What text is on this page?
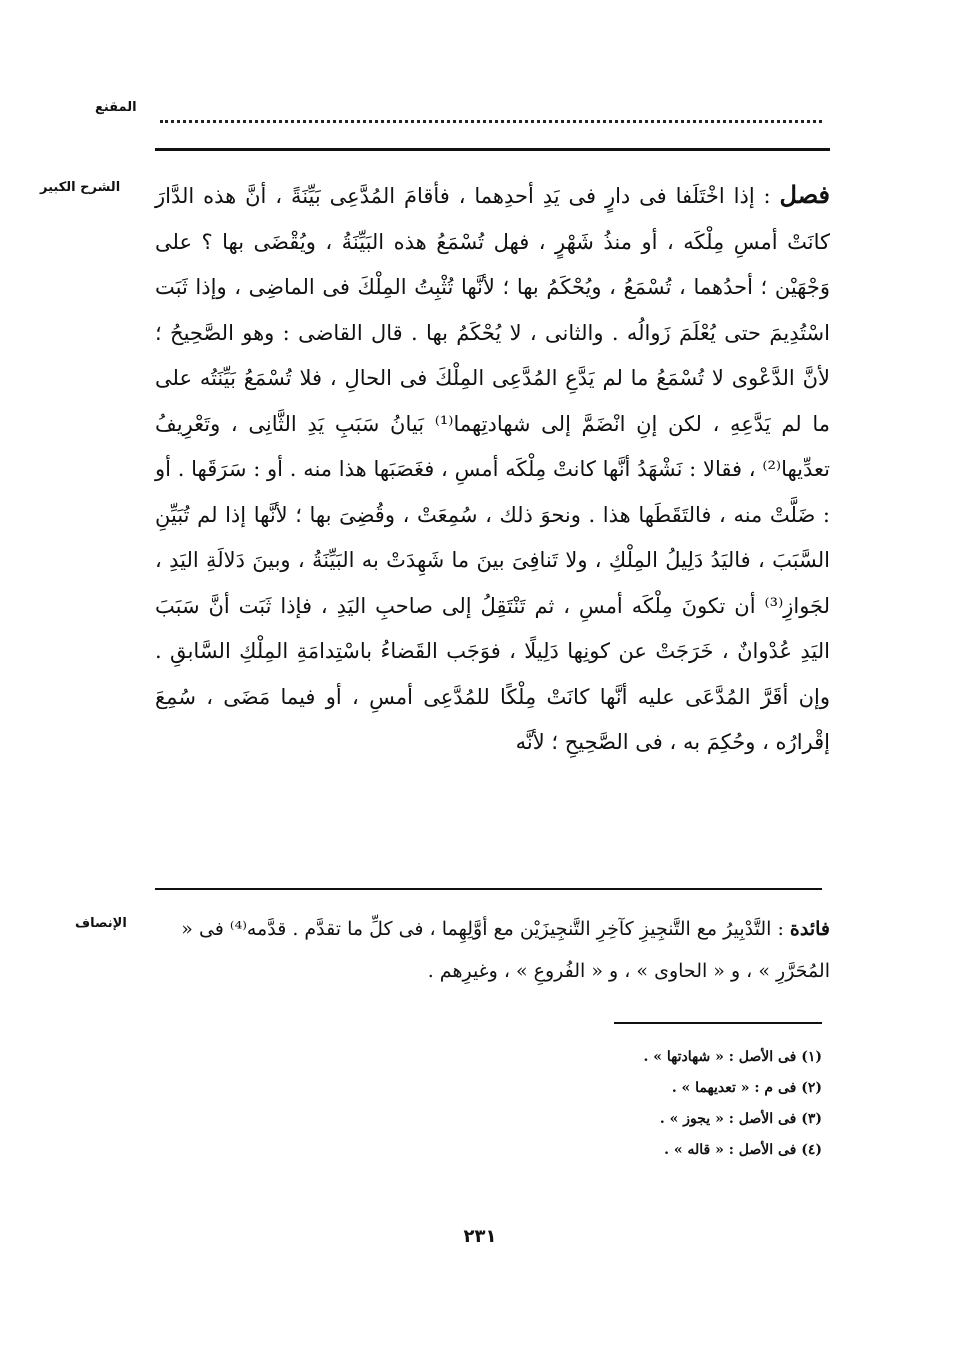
المقنع
الشرح الكبير	فصل : إذا اخْتَلَفا فى دارٍ فى يَدِ أحدِهما ، فأقامَ المُدَّعِى بَيِّنَةً ، أنَّ هذه الدَّارَ كانَتْ أمسِ مِلْكَه ، أو منذُ شَهْرٍ ، فهل تُسْمَعُ هذه البَيِّنَةُ ، ويُقْضَى بها ؟ على وَجْهَيْن ؛ أحدُهما ، تُسْمَعُ ، ويُحْكَمُ بها ؛ لأنَّها تُثْبِتُ المِلْكَ فى الماضِى ، وإذا ثَبَت اسْتُدِيمَ حتى يُعْلَمَ زَوالُه . والثانى ، لا يُحْكَمُ بها . قال القاضى : وهو الصَّحِيحُ ؛ لأنَّ الدَّعْوى لا تُسْمَعُ ما لم يَدَّعِ المُدَّعِى المِلْكَ فى الحالِ ، فلا تُسْمَعُ بَيِّنَتُه على ما لم يَدَّعِهِ ، لكن إنِ انْضَمَّ إلى شهادتِهما⁽¹⁾ بَيانُ سَبَبِ يَدِ الثَّانِى ، وتَعْرِيفُ تعدِّيها⁽²⁾ ، فقالا : نَشْهَدُ أنَّها كانتْ مِلْكَه أمسِ ، فغَصَبَها هذا منه . أو : سَرَقَها . أو : ضَلَّتْ منه ، فالتَقَطَها هذا . ونحوَ ذلك ، سُمِعَتْ ، وقُضِىَ بها ؛ لأنَّها إذا لم تُبَيِّنِ السَّبَبَ ، فاليَدُ دَلِيلُ المِلْكِ ، ولا تَنافِىَ بينَ ما شَهِدَتْ به البَيِّنَةُ ، وبينَ دَلالَةِ اليَدِ ، لجَوازِ⁽³⁾ أن تكونَ مِلْكَه أمسِ ، ثم تَنْتَقِلُ إلى صاحبِ اليَدِ ، فإذا ثَبَت أنَّ سَبَبَ اليَدِ عُدْوانٌ ، خَرَجَتْ عن كونِها دَلِيلًا ، فوَجَب القَضاءُ باسْتِدامَةِ المِلْكِ السَّابقِ . وإن أقَرَّ المُدَّعَى عليه أنَّها كانَتْ مِلْكًا للمُدَّعِى أمسِ ، أو فيما مَضَى ، سُمِعَ إقْرارُه ، وحُكِمَ به ، فى الصَّحِيحِ ؛ لأنَّه
الإنصاف	فائدة : التَّدْبِيرُ مع التَّنجِيزِ كآخِرِ التَّنجِيزَيْن مع أوَّلِهِما ، فى كلِّ ما تقدَّم . قدَّمه⁽⁴⁾ فى « المُحَرَّرِ » ، و « الحاوى » ، و « الفُروعِ » ، وغيرِهم .
(١) فى الأصل : « شهادتها » .
(٢) فى م : « تعديهما » .
(٣) فى الأصل : « يجوز » .
(٤) فى الأصل : « قاله » .
٢٣١
